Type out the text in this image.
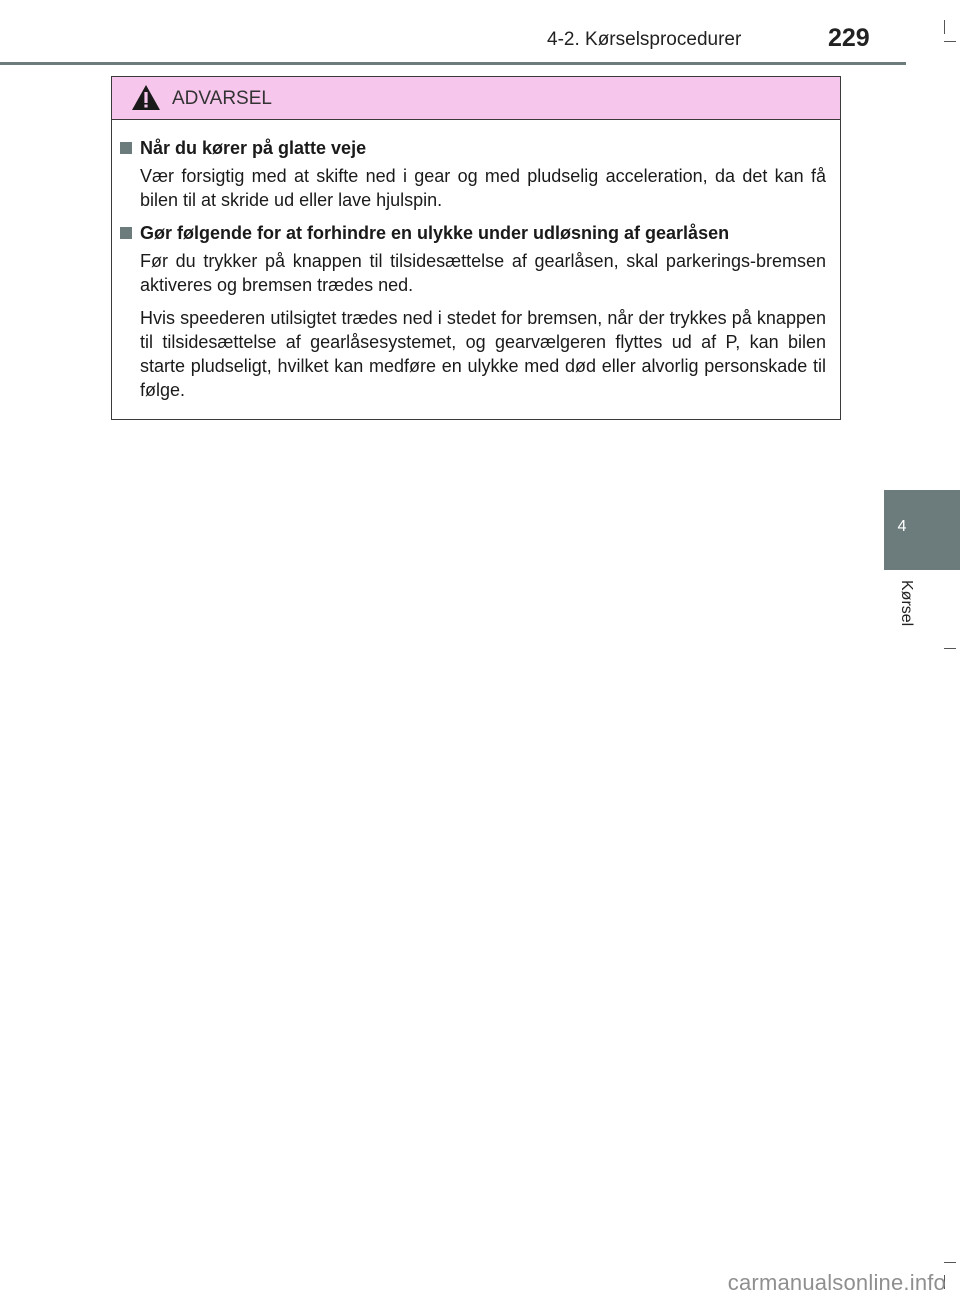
4-2. Kørselsprocedurer	229
ADVARSEL
Når du kører på glatte veje

Vær forsigtig med at skifte ned i gear og med pludselig acceleration, da det kan få bilen til at skride ud eller lave hjulspin.

Gør følgende for at forhindre en ulykke under udløsning af gearlåsen

Før du trykker på knappen til tilsidesættelse af gearlåsen, skal parkerings-bremsen aktiveres og bremsen trædes ned.

Hvis speederen utilsigtet trædes ned i stedet for bremsen, når der trykkes på knappen til tilsidesættelse af gearlåsesystemet, og gearvælgeren flyttes ud af P, kan bilen starte pludseligt, hvilket kan medføre en ulykke med død eller alvorlig personskade til følge.

4
Kørsel
carmanualsonline.info
